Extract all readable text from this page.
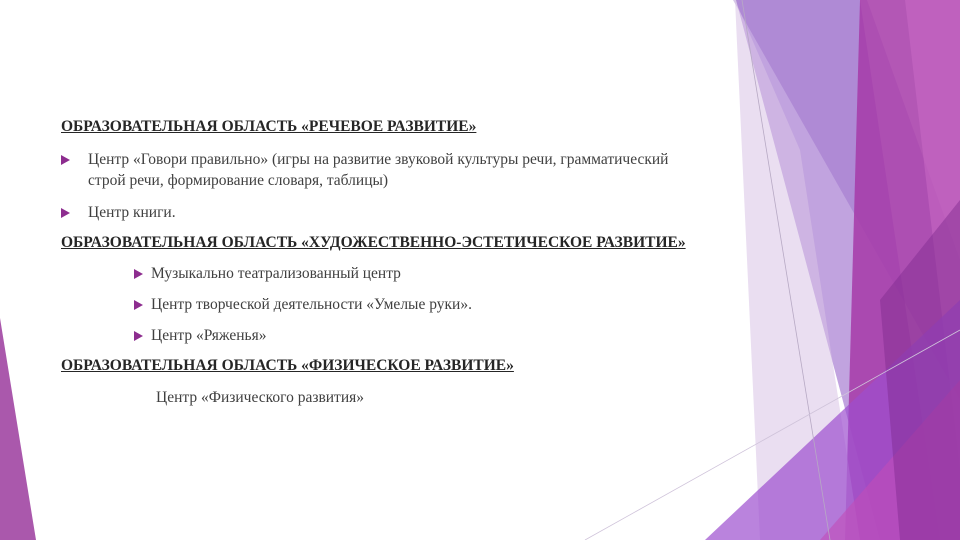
ОБРАЗОВАТЕЛЬНАЯ ОБЛАСТЬ «РЕЧЕВОЕ РАЗВИТИЕ»

Центр «Говори правильно» (игры на развитие звуковой культуры речи, грамматический строй речи, формирование словаря, таблицы)
Центр книги.

ОБРАЗОВАТЕЛЬНАЯ ОБЛАСТЬ «ХУДОЖЕСТВЕННО-ЭСТЕТИЧЕСКОЕ РАЗВИТИЕ»

Музыкально театрализованный центр
Центр творческой деятельности «Умелые руки».
Центр «Ряженья»

ОБРАЗОВАТЕЛЬНАЯ ОБЛАСТЬ «ФИЗИЧЕСКОЕ РАЗВИТИЕ»

Центр «Физического развития»
